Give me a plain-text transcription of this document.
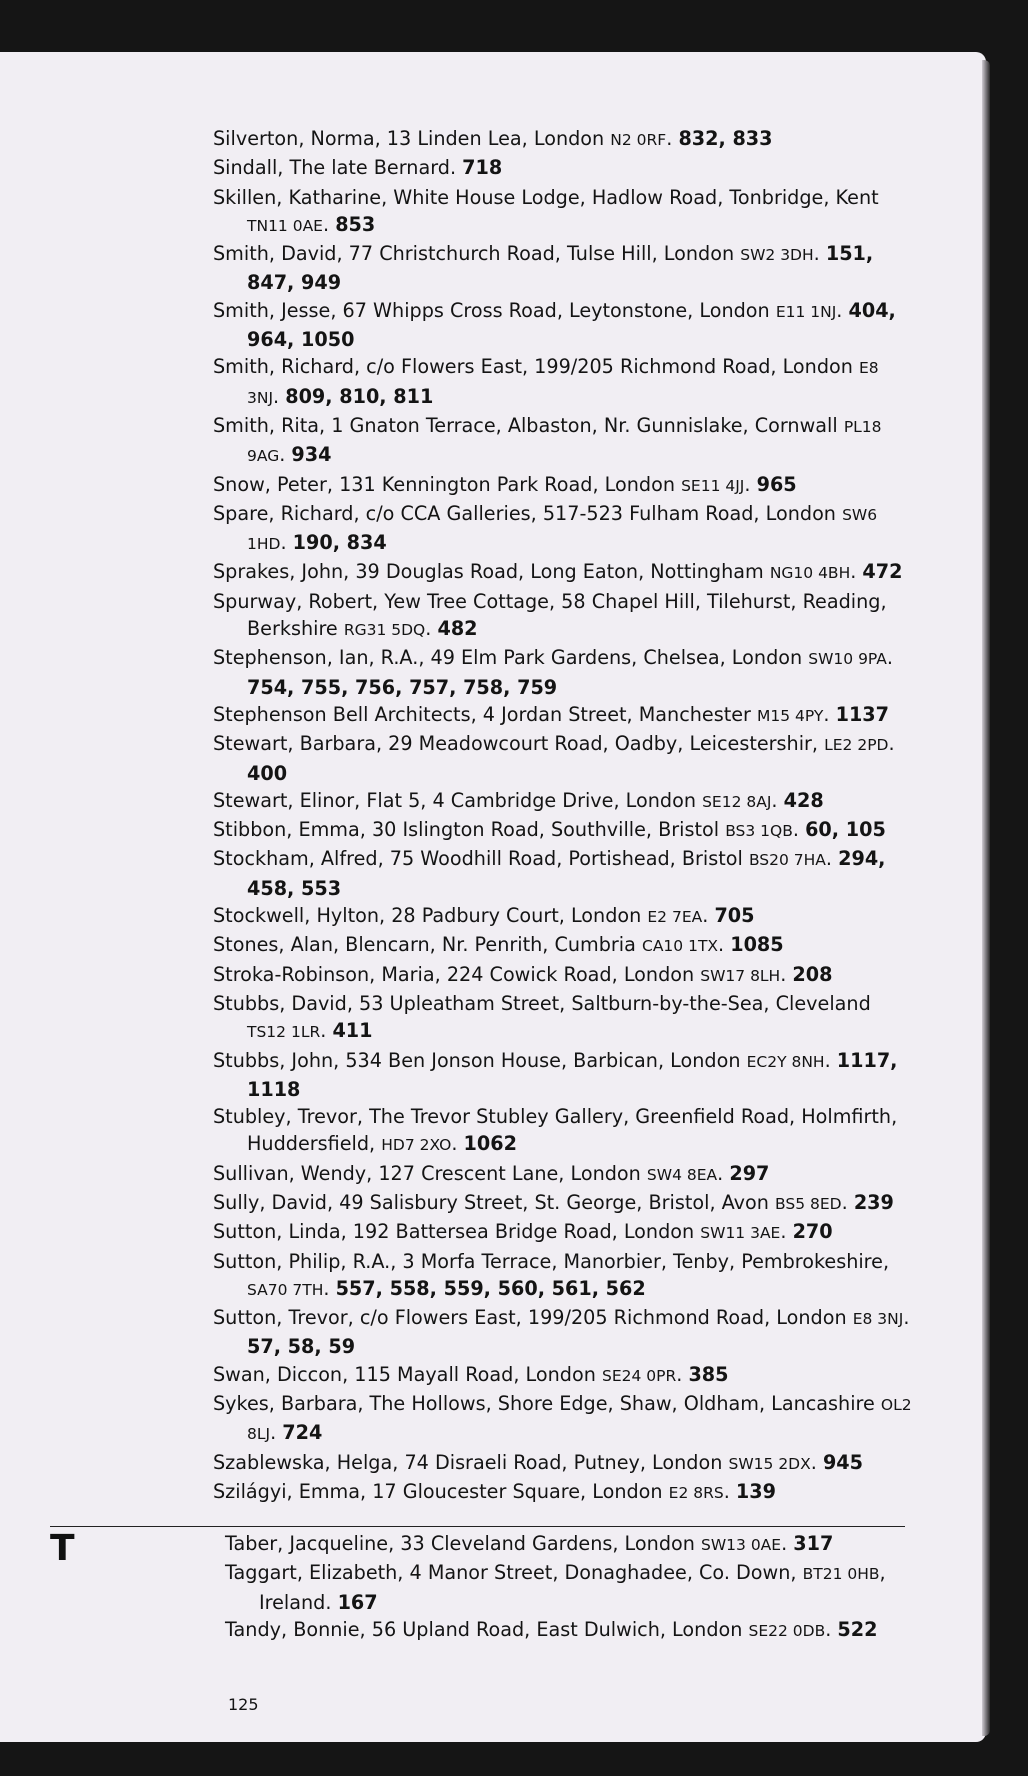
Silverton, Norma, 13 Linden Lea, London N2 0RF. 832, 833

Sindall, The late Bernard. 718

Skillen, Katharine, White House Lodge, Hadlow Road, Tonbridge, Kent TN11 0AE. 853

Smith, David, 77 Christchurch Road, Tulse Hill, London SW2 3DH. 151, 847, 949

Smith, Jesse, 67 Whipps Cross Road, Leytonstone, London E11 1NJ. 404, 964, 1050

Smith, Richard, c/o Flowers East, 199/205 Richmond Road, London E8 3NJ. 809, 810, 811

Smith, Rita, 1 Gnaton Terrace, Albaston, Nr. Gunnislake, Cornwall PL18 9AG. 934

Snow, Peter, 131 Kennington Park Road, London SE11 4JJ. 965

Spare, Richard, c/o CCA Galleries, 517-523 Fulham Road, London SW6 1HD. 190, 834

Sprakes, John, 39 Douglas Road, Long Eaton, Nottingham NG10 4BH. 472

Spurway, Robert, Yew Tree Cottage, 58 Chapel Hill, Tilehurst, Reading, Berkshire RG31 5DQ. 482

Stephenson, Ian, R.A., 49 Elm Park Gardens, Chelsea, London SW10 9PA. 754, 755, 756, 757, 758, 759

Stephenson Bell Architects, 4 Jordan Street, Manchester M15 4PY. 1137

Stewart, Barbara, 29 Meadowcourt Road, Oadby, Leicestershir, LE2 2PD. 400

Stewart, Elinor, Flat 5, 4 Cambridge Drive, London SE12 8AJ. 428

Stibbon, Emma, 30 Islington Road, Southville, Bristol BS3 1QB. 60, 105

Stockham, Alfred, 75 Woodhill Road, Portishead, Bristol BS20 7HA. 294, 458, 553

Stockwell, Hylton, 28 Padbury Court, London E2 7EA. 705

Stones, Alan, Blencarn, Nr. Penrith, Cumbria CA10 1TX. 1085

Stroka-Robinson, Maria, 224 Cowick Road, London SW17 8LH. 208

Stubbs, David, 53 Upleatham Street, Saltburn-by-the-Sea, Cleveland TS12 1LR. 411

Stubbs, John, 534 Ben Jonson House, Barbican, London EC2Y 8NH. 1117, 1118

Stubley, Trevor, The Trevor Stubley Gallery, Greenfield Road, Holmfirth, Huddersfield, HD7 2XO. 1062

Sullivan, Wendy, 127 Crescent Lane, London SW4 8EA. 297

Sully, David, 49 Salisbury Street, St. George, Bristol, Avon BS5 8ED. 239

Sutton, Linda, 192 Battersea Bridge Road, London SW11 3AE. 270

Sutton, Philip, R.A., 3 Morfa Terrace, Manorbier, Tenby, Pembrokeshire, SA70 7TH. 557, 558, 559, 560, 561, 562

Sutton, Trevor, c/o Flowers East, 199/205 Richmond Road, London E8 3NJ. 57, 58, 59

Swan, Diccon, 115 Mayall Road, London SE24 0PR. 385

Sykes, Barbara, The Hollows, Shore Edge, Shaw, Oldham, Lancashire OL2 8LJ. 724

Szablewska, Helga, 74 Disraeli Road, Putney, London SW15 2DX. 945

Szilágyi, Emma, 17 Gloucester Square, London E2 8RS. 139

T	Taber, Jacqueline, 33 Cleveland Gardens, London SW13 0AE. 317

Taggart, Elizabeth, 4 Manor Street, Donaghadee, Co. Down, BT21 0HB, Ireland. 167

Tandy, Bonnie, 56 Upland Road, East Dulwich, London SE22 0DB. 522

125
